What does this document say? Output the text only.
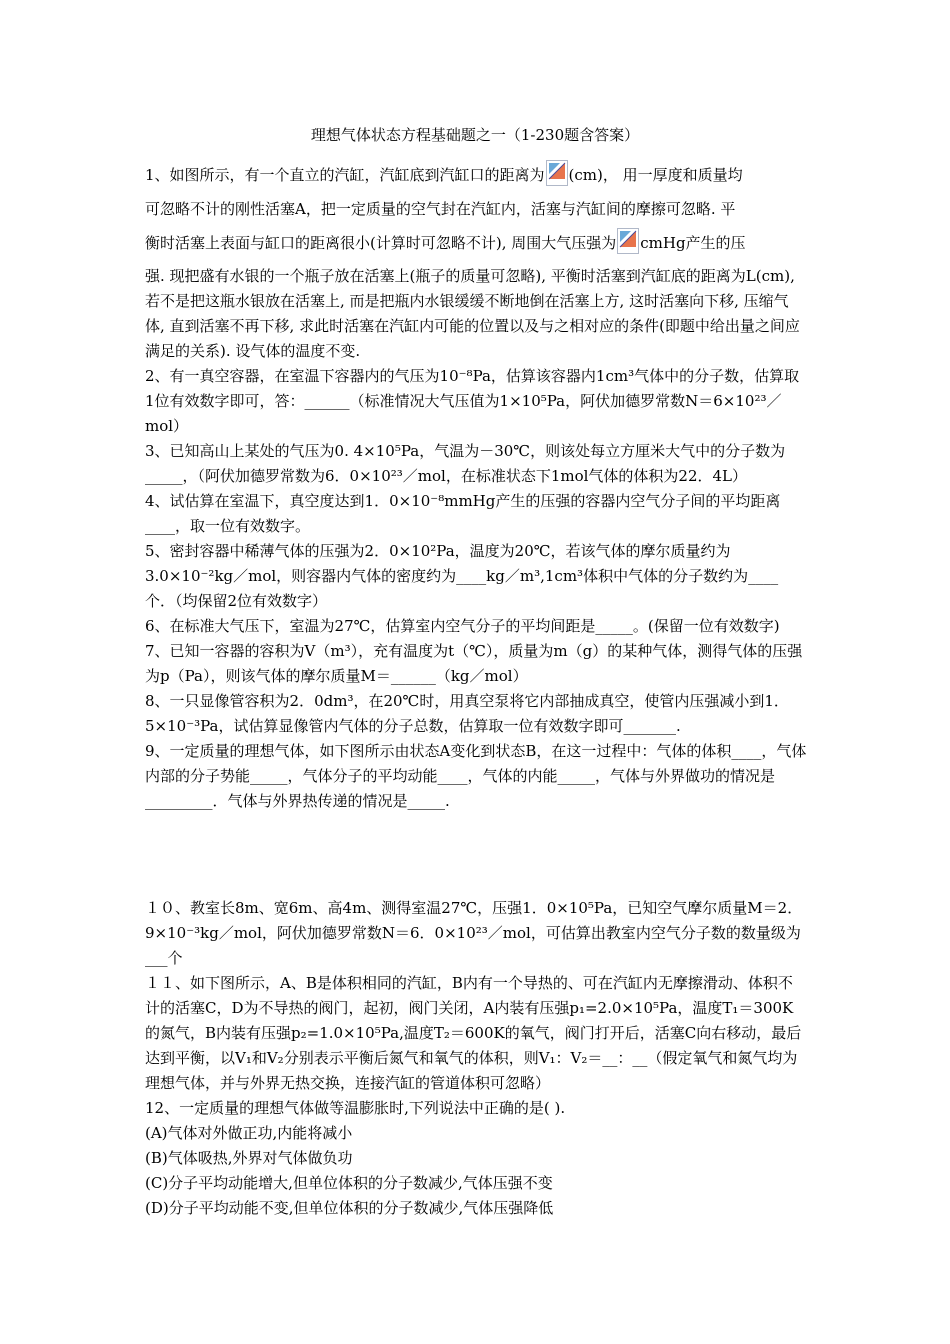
理想气体状态方程基础题之一（1-230题含答案）

1、如图所示，有一个直立的汽缸，汽缸底到汽缸口的距离为 (cm)， 用一厚度和质量均

可忽略不计的刚性活塞A，把一定质量的空气封在汽缸内，活塞与汽缸间的摩擦可忽略. 平

衡时活塞上表面与缸口的距离很小(计算时可忽略不计), 周围大气压强为 cmHg产生的压

强. 现把盛有水银的一个瓶子放在活塞上(瓶子的质量可忽略), 平衡时活塞到汽缸底的距离为L(cm), 若不是把这瓶水银放在活塞上, 而是把瓶内水银缓缓不断地倒在活塞上方, 这时活塞向下移, 压缩气体, 直到活塞不再下移, 求此时活塞在汽缸内可能的位置以及与之相对应的条件(即题中给出量之间应满足的关系). 设气体的温度不变.

2、有一真空容器，在室温下容器内的气压为10⁻⁸Pa，估算该容器内1cm³气体中的分子数，估算取1位有效数字即可，答：______（标准情况大气压值为1×10⁵Pa，阿伏加德罗常数N＝6×10²³／mol）

3、已知高山上某处的气压为0. 4×10⁵Pa，气温为－30℃，则该处每立方厘米大气中的分子数为_____，（阿伏加德罗常数为6．0×10²³／mol，在标准状态下1mol气体的体积为22．4L）

4、试估算在室温下，真空度达到1．0×10⁻⁸mmHg产生的压强的容器内空气分子间的平均距离____，取一位有效数字。

5、密封容器中稀薄气体的压强为2．0×10²Pa，温度为20℃，若该气体的摩尔质量约为3.0×10⁻²kg／mol，则容器内气体的密度约为____kg／m³,1cm³体积中气体的分子数约为____个．（均保留2位有效数字）

6、在标准大气压下，室温为27℃，估算室内空气分子的平均间距是_____。(保留一位有效数字)

7、已知一容器的容积为V（m³），充有温度为t（℃），质量为m（g）的某种气体，测得气体的压强为p（Pa），则该气体的摩尔质量M＝______（kg／mol）

8、一只显像管容积为2．0dm³，在20℃时，用真空泵将它内部抽成真空，使管内压强减小到1．5×10⁻³Pa，试估算显像管内气体的分子总数，估算取一位有效数字即可_______.

9、一定质量的理想气体，如下图所示由状态A变化到状态B，在这一过程中：气体的体积____，气体内部的分子势能_____，气体分子的平均动能____，气体的内能_____，气体与外界做功的情况是_________．气体与外界热传递的情况是_____.

１０、教室长8m、宽6m、高4m、测得室温27℃，压强1．0×10⁵Pa，已知空气摩尔质量M＝2．9×10⁻³kg／mol，阿伏加德罗常数N＝6．0×10²³／mol，可估算出教室内空气分子数的数量级为___个

１１、如下图所示，A、B是体积相同的汽缸，B内有一个导热的、可在汽缸内无摩擦滑动、体积不计的活塞C，D为不导热的阀门，起初，阀门关闭，A内装有压强p₁=2.0×10⁵Pa，温度T₁＝300K的氮气，B内装有压强p₂=1.0×10⁵Pa,温度T₂＝600K的氧气，阀门打开后，活塞C向右移动，最后达到平衡，以V₁和V₂分别表示平衡后氮气和氧气的体积，则V₁：V₂＝__：__（假定氧气和氮气均为理想气体，并与外界无热交换，连接汽缸的管道体积可忽略）

12、一定质量的理想气体做等温膨胀时,下列说法中正确的是( ).

(A)气体对外做正功,内能将减小

(B)气体吸热,外界对气体做负功

(C)分子平均动能增大,但单位体积的分子数减少,气体压强不变

(D)分子平均动能不变,但单位体积的分子数减少,气体压强降低
